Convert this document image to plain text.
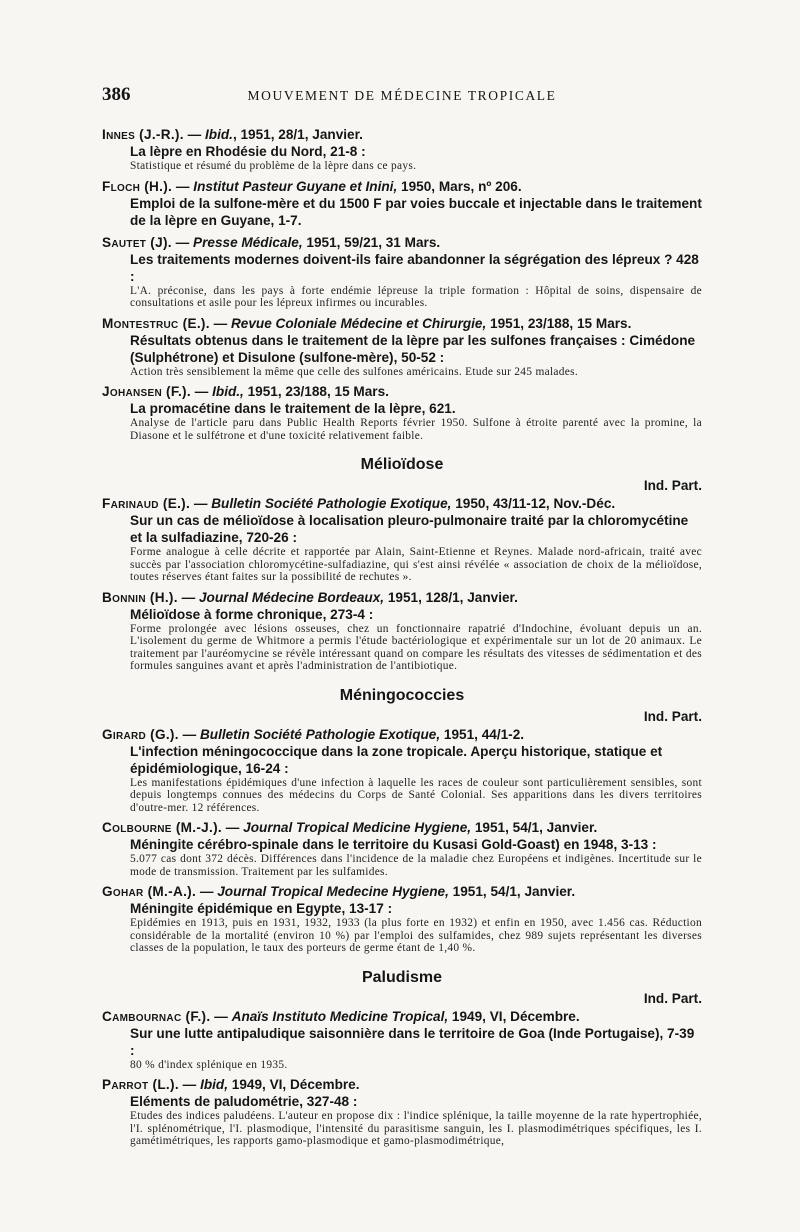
386	MOUVEMENT DE MÉDECINE TROPICALE
Innes (J.-R.). — Ibid., 1951, 28/1, Janvier.
La lèpre en Rhodésie du Nord, 21-8 :
Statistique et résumé du problème de la lèpre dans ce pays.
Floch (H.). — Institut Pasteur Guyane et Inini, 1950, Mars, nº 206.
Emploi de la sulfone-mère et du 1500 F par voies buccale et injectable dans le traitement de la lèpre en Guyane, 1-7.
Sautet (J). — Presse Médicale, 1951, 59/21, 31 Mars.
Les traitements modernes doivent-ils faire abandonner la ségrégation des lépreux ? 428 :
L'A. préconise, dans les pays à forte endémie lépreuse la triple formation : Hôpital de soins, dispensaire de consultations et asile pour les lépreux infirmes ou incurables.
Montestruc (E.). — Revue Coloniale Médecine et Chirurgie, 1951, 23/188, 15 Mars.
Résultats obtenus dans le traitement de la lèpre par les sulfones françaises : Cimédone (Sulphétrone) et Disulone (sulfone-mère), 50-52 :
Action très sensiblement la même que celle des sulfones américains. Etude sur 245 malades.
Johansen (F.). — Ibid., 1951, 23/188, 15 Mars.
La promacétine dans le traitement de la lèpre, 621.
Analyse de l'article paru dans Public Health Reports février 1950. Sulfone à étroite parenté avec la promine, la Diasone et le sulfétrone et d'une toxicité relativement faible.
Mélioïdose
Ind. Part.
Farinaud (E.). — Bulletin Société Pathologie Exotique, 1950, 43/11-12, Nov.-Déc.
Sur un cas de mélioïdose à localisation pleuro-pulmonaire traité par la chloromycétine et la sulfadiazine, 720-26 :
Forme analogue à celle décrite et rapportée par Alain, Saint-Etienne et Reynes. Malade nord-africain, traité avec succès par l'association chloromycétine-sulfadiazine, qui s'est ainsi révélée « association de choix de la mélioïdose, toutes réserves étant faites sur la possibilité de rechutes ».
Bonnin (H.). — Journal Médecine Bordeaux, 1951, 128/1, Janvier.
Mélioïdose à forme chronique, 273-4 :
Forme prolongée avec lésions osseuses, chez un fonctionnaire rapatrié d'Indochine, évoluant depuis un an. L'isolement du germe de Whitmore a permis l'étude bactériologique et expérimentale sur un lot de 20 animaux. Le traitement par l'auréomycine se révèle intéressant quand on compare les résultats des vitesses de sédimentation et des formules sanguines avant et après l'administration de l'antibiotique.
Méningococcies
Ind. Part.
Girard (G.). — Bulletin Société Pathologie Exotique, 1951, 44/1-2.
L'infection méningococcique dans la zone tropicale. Aperçu historique, statique et épidémiologique, 16-24 :
Les manifestations épidémiques d'une infection à laquelle les races de couleur sont particulièrement sensibles, sont depuis longtemps connues des médecins du Corps de Santé Colonial. Ses apparitions dans les divers territoires d'outre-mer. 12 références.
Colbourne (M.-J.). — Journal Tropical Medicine Hygiene, 1951, 54/1, Janvier.
Méningite cérébro-spinale dans le territoire du Kusasi Gold-Goast) en 1948, 3-13 :
5.077 cas dont 372 décès. Différences dans l'incidence de la maladie chez Européens et indigènes. Incertitude sur le mode de transmission. Traitement par les sulfamides.
Gohar (M.-A.). — Journal Tropical Medecine Hygiene, 1951, 54/1, Janvier.
Méningite épidémique en Egypte, 13-17 :
Epidémies en 1913, puis en 1931, 1932, 1933 (la plus forte en 1932) et enfin en 1950, avec 1.456 cas. Réduction considérable de la mortalité (environ 10 %) par l'emploi des sulfamides, chez 989 sujets représentant les diverses classes de la population, le taux des porteurs de germe étant de 1,40 %.
Paludisme
Ind. Part.
Cambournac (F.). — Anaïs Instituto Medicine Tropical, 1949, VI, Décembre.
Sur une lutte antipaludique saisonnière dans le territoire de Goa (Inde Portugaise), 7-39 :
80 % d'index splénique en 1935.
Parrot (L.). — Ibid, 1949, VI, Décembre.
Eléments de paludométrie, 327-48 :
Etudes des indices paludéens. L'auteur en propose dix : l'indice splénique, la taille moyenne de la rate hypertrophiée, l'I. splénométrique, l'I. plasmodique, l'intensité du parasitisme sanguin, les I. plasmodimétriques spécifiques, les I. gamétimétriques, les rapports gamo-plasmodique et gamo-plasmodimétrique,
